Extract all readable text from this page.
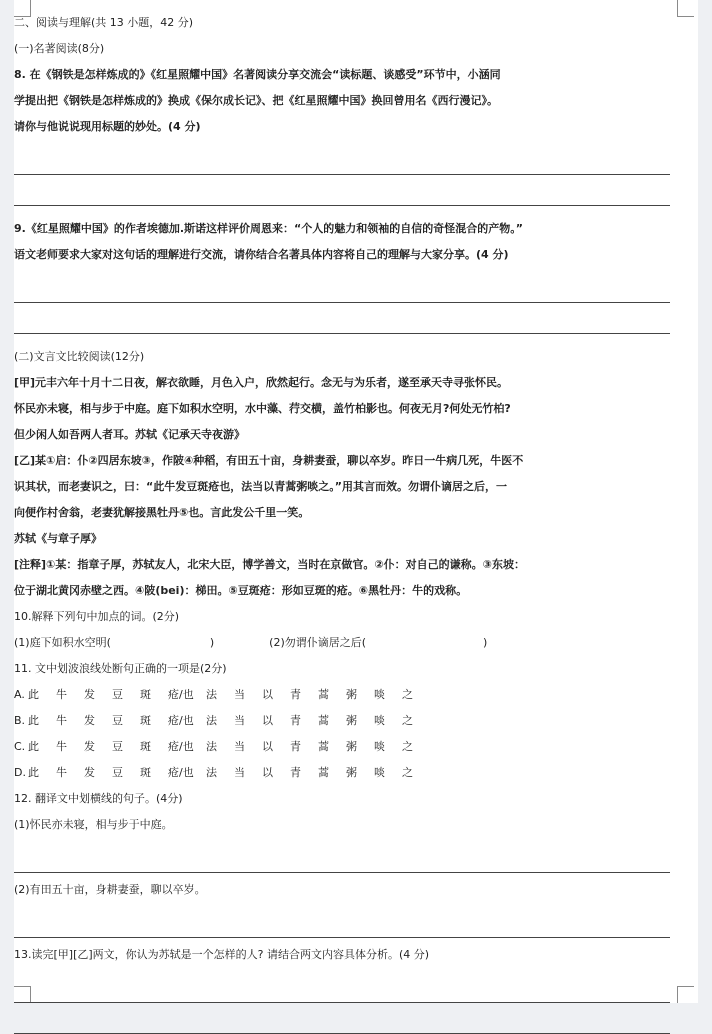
二、阅读与理解(共 13 小题，42 分)
(一)名著阅读(8分)
8. 在《钢铁是怎样炼成的》《红星照耀中国》名著阅读分享交流会“读标题、谈感受”环节中，小涵同
学提出把《钢铁是怎样炼成的》换成《保尔成长记》、把《红星照耀中国》换回曾用名《西行漫记》。
请你与他说说现用标题的妙处。(4 分)
9.《红星照耀中国》的作者埃德加.斯诺这样评价周恩来：“个人的魅力和领袖的自信的奇怪混合的产物。”
语文老师要求大家对这句话的理解进行交流，请你结合名著具体内容将自己的理解与大家分享。(4 分)
(二)文言文比较阅读(12分)
[甲]元丰六年十月十二日夜，解衣欲睡，月色入户，欣然起行。念无与为乐者，遂至承天寺寻张怀民。
怀民亦未寝，相与步于中庭。庭下如积水空明，水中藻、荇交横，盖竹柏影也。何夜无月?何处无竹柏?
但少闲人如吾两人者耳。苏轼《记承天寺夜游》
[乙]某①启：仆②四居东坡③，作陂④种稻，有田五十亩，身耕妻蚕，聊以卒岁。昨日一牛病几死，牛医不
识其状，而老妻识之，曰：“此牛发豆斑疮也，法当以青蒿粥啖之。”用其言而效。勿谓仆谪居之后，一
向便作村舍翁，老妻犹解接黑牡丹⑤也。言此发公千里一笑。
苏轼《与章子厚》
[注释]①某：指章子厚，苏轼友人，北宋大臣，博学善文，当时在京做官。②仆：对自己的谦称。③东坡：
位于湖北黄冈赤壁之西。④陂(bei)：梯田。⑤豆斑疮：形如豆斑的疮。⑥黑牡丹：牛的戏称。
10.解释下列句中加点的词。(2分)
(1)庭下如积水空明(	)	(2)勿谓仆谪居之后(	)
11. 文中划波浪线处断句正确的一项是(2分)
A. 此	牛	发	豆	斑	疮/也	法	当	以	青	蒿	粥	啖	之
B. 此	牛	发	豆	斑	疮/也	法	当	以	青	蒿	粥	啖	之
C. 此	牛	发	豆	斑	疮/也	法	当	以	青	蒿	粥	啖	之
D. 此	牛	发	豆	斑	疮/也	法	当	以	青	蒿	粥	啖	之
12. 翻译文中划横线的句子。(4分)
(1)怀民亦未寝，相与步于中庭。
(2)有田五十亩，身耕妻蚕，聊以卒岁。
13.读完[甲][乙]两文，你认为苏轼是一个怎样的人? 请结合两文内容具体分析。(4 分)
